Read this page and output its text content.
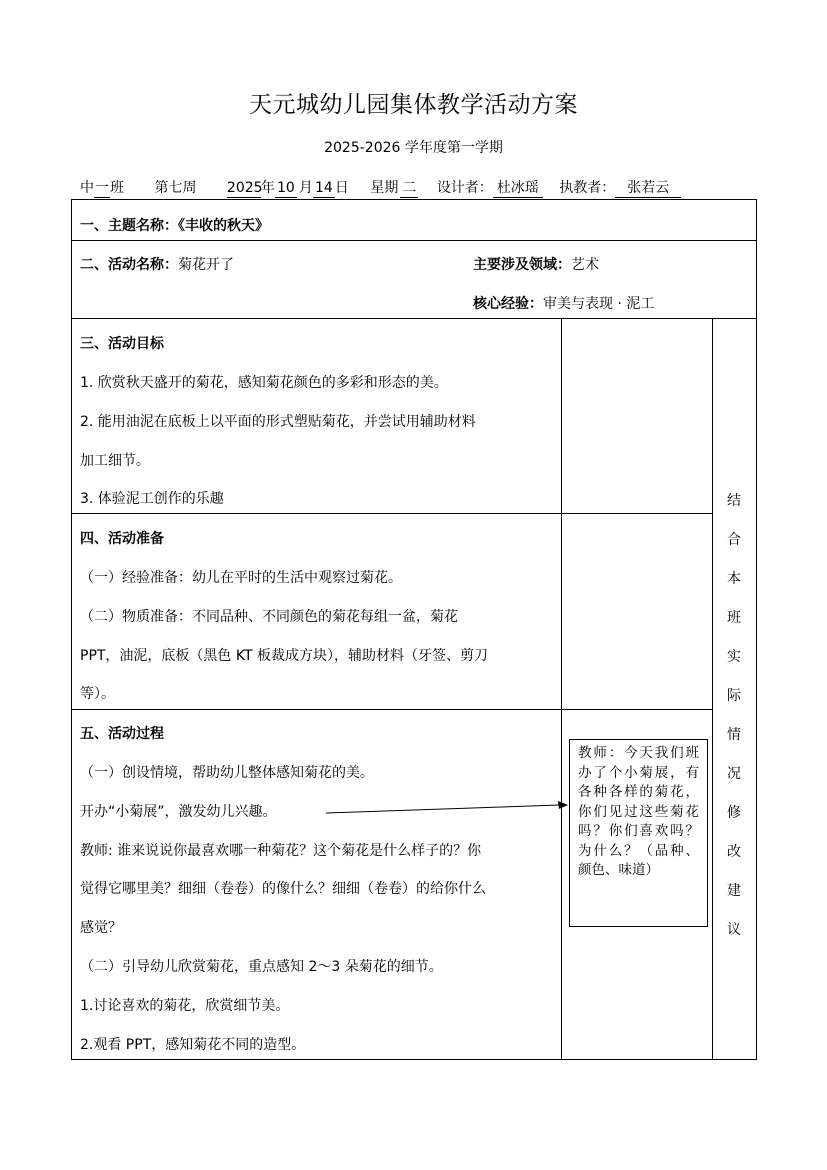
天元城幼儿园集体教学活动方案
2025-2026 学年度第一学期
中一班 第七周 2025年 10 月 14 日 星期 二 设计者： 杜冰瑶 执教者： 张若云
一、主题名称：《丰收的秋天》
二、活动名称：菊花开了	主要涉及领域：艺术
核心经验：审美与表现 · 泥工
三、活动目标
1. 欣赏秋天盛开的菊花，感知菊花颜色的多彩和形态的美。
2. 能用油泥在底板上以平面的形式塑贴菊花，并尝试用辅助材料
加工细节。
3. 体验泥工创作的乐趣
四、活动准备
（一）经验准备：幼儿在平时的生活中观察过菊花。
（二）物质准备：不同品种、不同颜色的菊花每组一盆，菊花
PPT，油泥，底板（黑色 KT 板裁成方块），辅助材料（牙签、剪刀
等）。
五、活动过程
（一）创设情境，帮助幼儿整体感知菊花的美。
开办“小菊展”，激发幼儿兴趣。
教师: 谁来说说你最喜欢哪一种菊花？这个菊花是什么样子的？你
觉得它哪里美？细细（卷卷）的像什么？细细（卷卷）的给你什么
感觉？
（二）引导幼儿欣赏菊花，重点感知 2～3 朵菊花的细节。
1.讨论喜欢的菊花，欣赏细节美。
2.观看 PPT，感知菊花不同的造型。
教师：今天我们班办了个小菊展，有各种各样的菊花，你们见过这些菊花吗？你们喜欢吗？为什么？（品种、颜色、味道）
结
合
本
班
实
际
情
况
修
改
建
议
